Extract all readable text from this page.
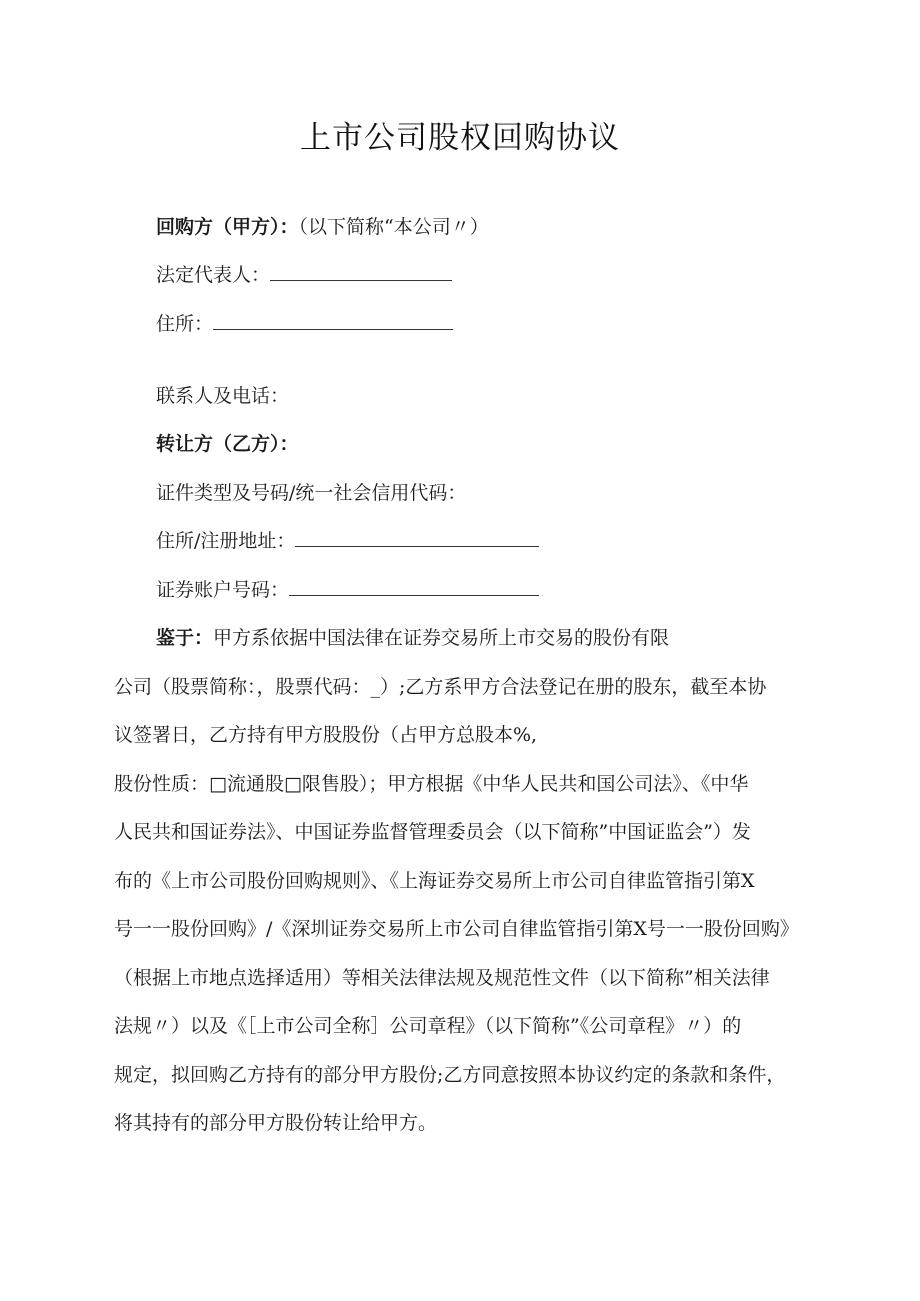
上市公司股权回购协议
回购方（甲方）：（以下简称“本公司〃）
法定代表人：
住所：
联系人及电话：
转让方（乙方）：
证件类型及号码/统一社会信用代码：
住所/注册地址：
证券账户号码：
鉴于：甲方系依据中国法律在证券交易所上市交易的股份有限
公司（股票简称：，股票代码：_）;乙方系甲方合法登记在册的股东，截至本协
议签署日，乙方持有甲方股股份（占甲方总股本%,
股份性质：□流通股□限售股）；甲方根据《中华人民共和国公司法》、《中华
人民共和国证券法》、中国证券监督管理委员会（以下简称”中国证监会”）发
布的《上市公司股份回购规则》、《上海证券交易所上市公司自律监管指引第X
号一一股份回购》/《深圳证券交易所上市公司自律监管指引第X号一一股份回购》
（根据上市地点选择适用）等相关法律法规及规范性文件（以下简称”相关法律
法规〃）以及《［上市公司全称］公司章程》（以下简称”《公司章程》〃）的
规定，拟回购乙方持有的部分甲方股份;乙方同意按照本协议约定的条款和条件，
将其持有的部分甲方股份转让给甲方。
